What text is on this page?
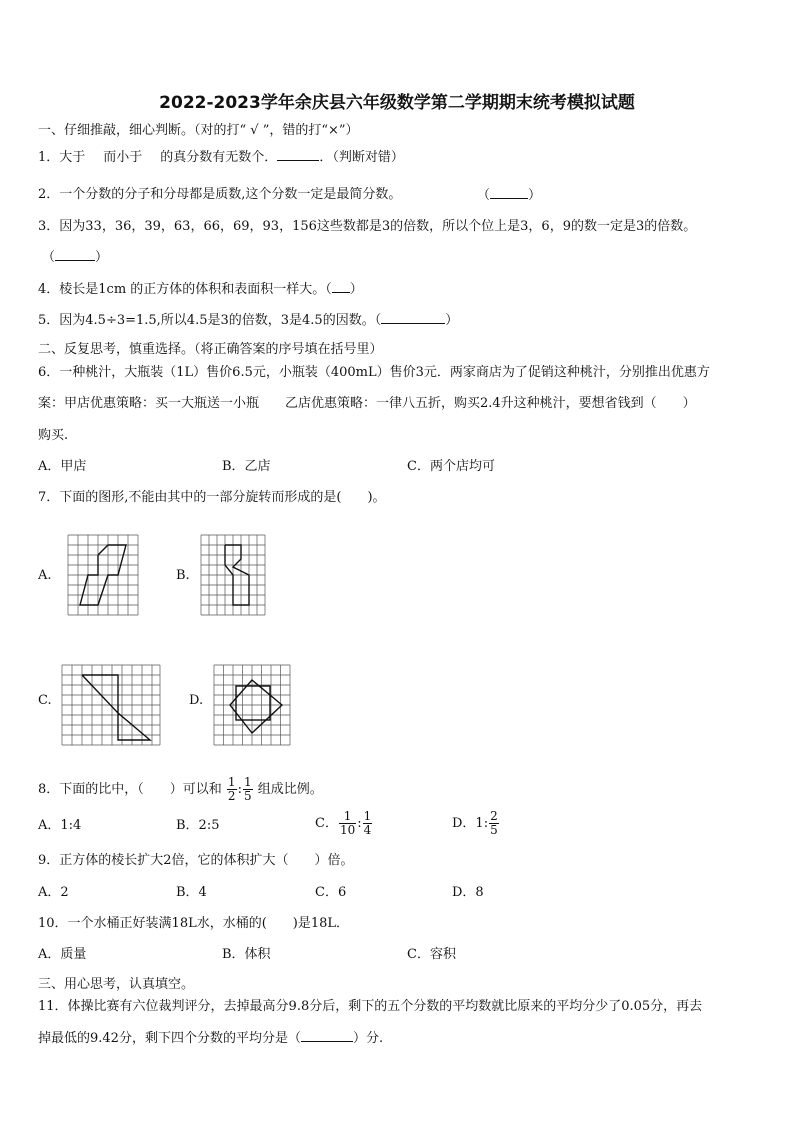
2022-2023学年余庆县六年级数学第二学期期末统考模拟试题
一、仔细推敲，细心判断。（对的打“ √ ”，错的打“×”）
1．大于 而小于 的真分数有无数个．	．（判断对错）
2．一个分数的分子和分母都是质数,这个分数一定是最简分数。	（	）
3．因为33，36，39，63，66，69，93，156这些数都是3的倍数，所以个位上是3，6，9的数一定是3的倍数。
（	）
4．棱长是1cm 的正方体的体积和表面积一样大。（ ）
5．因为4.5÷3=1.5,所以4.5是3的倍数，3是4.5的因数。（	）
二、反复思考，慎重选择。（将正确答案的序号填在括号里）
6．一种桃汁，大瓶装（1L）售价6.5元，小瓶装（400mL）售价3元．两家商店为了促销这种桃汁，分别推出优惠方
案：甲店优惠策略：买一大瓶送一小瓶　　乙店优惠策略：一律八五折，购买2.4升这种桃汁，要想省钱到（　　）
购买.
A．甲店	B．乙店	C．两个店均可
7．下面的图形,不能由其中的一部分旋转而形成的是(　　)。
A.	B.
C.	D.
8．下面的比中，（　　）可以和 $\frac{1}{2}$ : $\frac{1}{5}$ 组成比例。
A．1:4	B．2:5	C． $\frac{1}{10}$ : $\frac{1}{4}$	D．1: $\frac{2}{5}$
9．正方体的棱长扩大2倍，它的体积扩大（　　）倍。
A．2	B．4	C．6	D．8
10．一个水桶正好装满18L水，水桶的(　　)是18L．
A．质量	B．体积	C．容积
三、用心思考，认真填空。
11．体操比赛有六位裁判评分，去掉最高分9.8分后，剩下的五个分数的平均数就比原来的平均分少了0.05分，再去
掉最低的9.42分，剩下四个分数的平均分是（	）分.
